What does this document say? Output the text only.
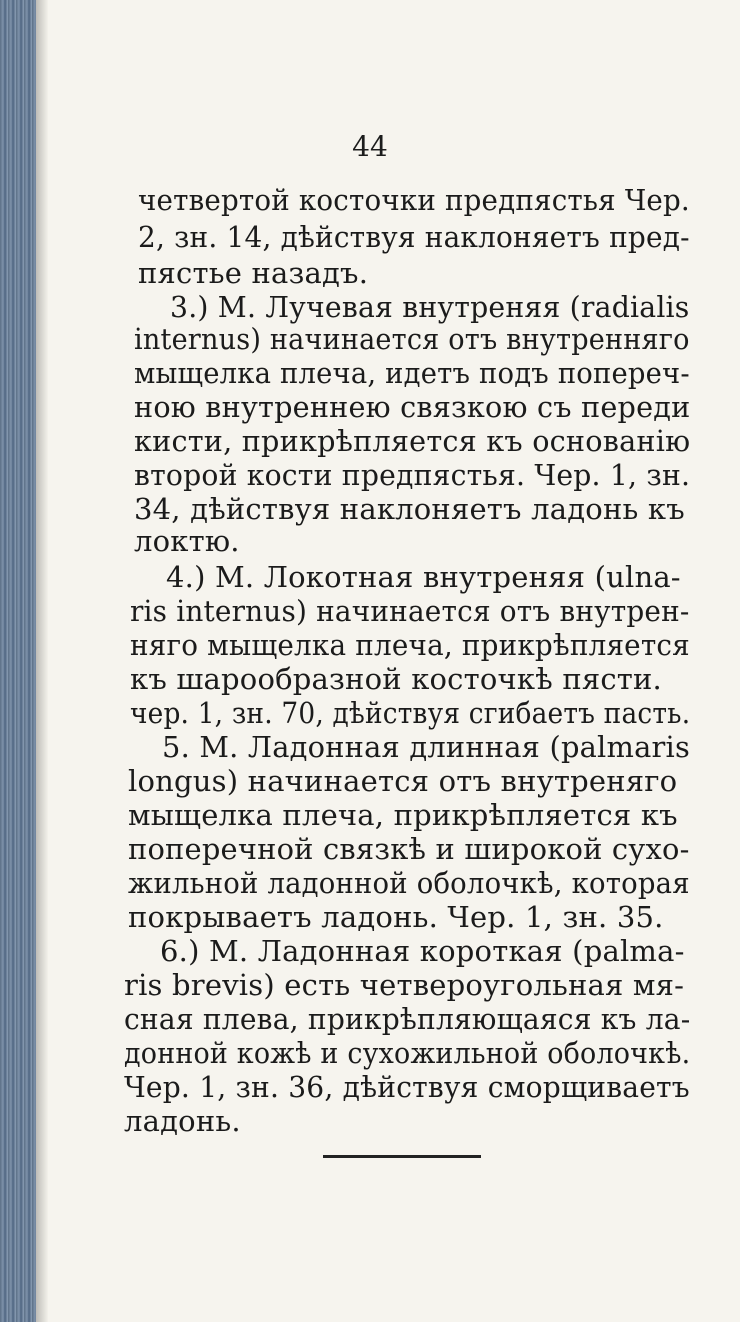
44
четвертой косточки предпястья Чер.
2, зн. 14, дѣйствуя наклоняетъ пред-
пястье назадъ.
3.) М. Лучевая внутреняя (radialis
internus) начинается отъ внутренняго
мыщелка плеча, идетъ подъ попереч-
ною внутреннею связкою съ переди
кисти, прикрѣпляется къ основанію
второй кости предпястья. Чер. 1, зн.
34, дѣйствуя наклоняетъ ладонь къ
локтю.
4.) М. Локотная внутреняя (ulna-
ris internus) начинается отъ внутрен-
няго мыщелка плеча, прикрѣпляется
къ шарообразной косточкѣ пясти.
чер. 1, зн. 70, дѣйствуя сгибаетъ пасть.
5. М. Ладонная длинная (palmaris
longus) начинается отъ внутреняго
мыщелка плеча, прикрѣпляется къ
поперечной связкѣ и широкой сухо-
жильной ладонной оболочкѣ, которая
покрываетъ ладонь. Чер. 1, зн. 35.
6.) М. Ладонная короткая (palma-
ris brevis) есть четвероугольная мя-
сная плева, прикрѣпляющаяся къ ла-
донной кожѣ и сухожильной оболочкѣ.
Чер. 1, зн. 36, дѣйствуя сморщиваетъ
ладонь.
